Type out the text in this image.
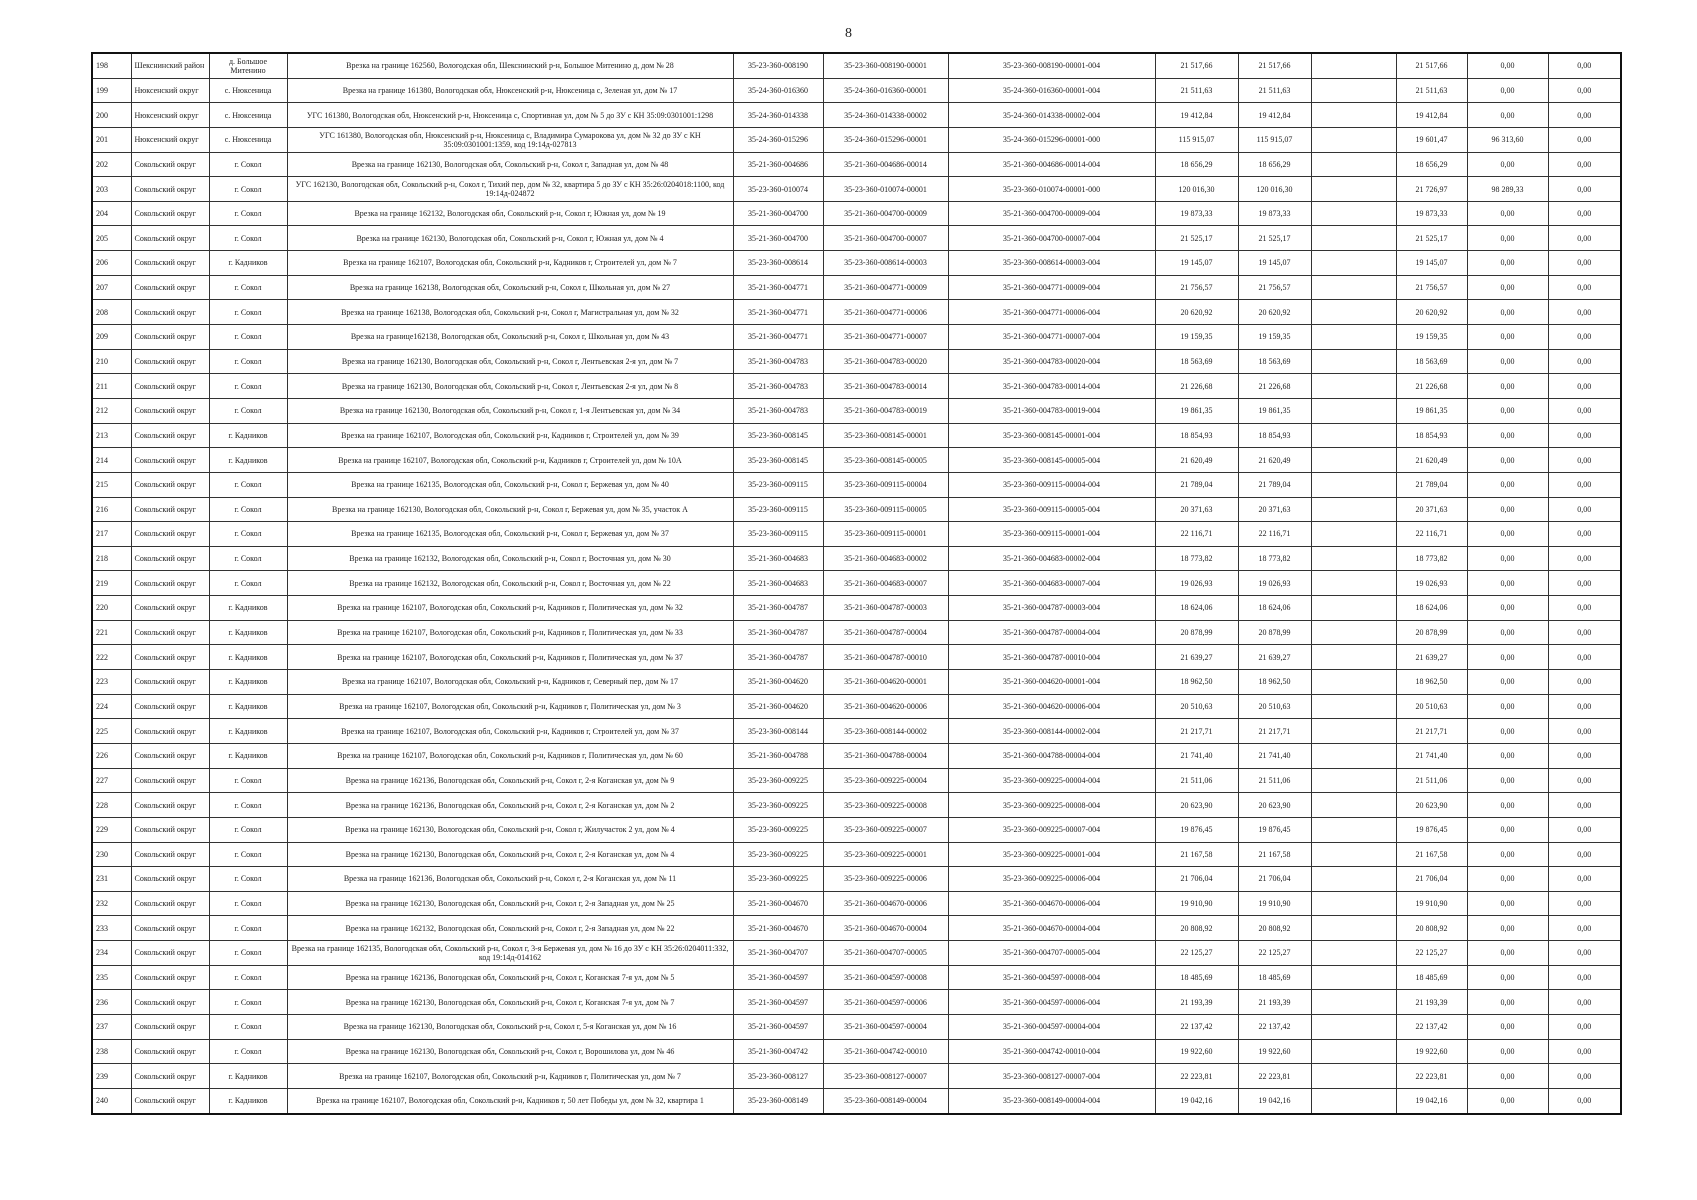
8
198	Шекснинский район	д. Большое Митенино	Врезка на границе 162560, Вологодская обл, Шекснинский р-н, Большое Митенино д, дом № 28	35-23-360-008190	35-23-360-008190-00001	35-23-360-008190-00001-004	21 517,66	21 517,66		21 517,66	0,00	0,00
199	Нюксенский округ	с. Нюксеница	Врезка на границе 161380, Вологодская обл, Нюксенский р-н, Нюксеница с, Зеленая ул, дом № 17	35-24-360-016360	35-24-360-016360-00001	35-24-360-016360-00001-004	21 511,63	21 511,63		21 511,63	0,00	0,00
200	Нюксенский округ	с. Нюксеница	УГС 161380, Вологодская обл, Нюксенский р-н, Нюксеница с, Спортивная ул, дом № 5 до ЗУ с КН 35:09:0301001:1298	35-24-360-014338	35-24-360-014338-00002	35-24-360-014338-00002-004	19 412,84	19 412,84		19 412,84	0,00	0,00
201	Нюксенский округ	с. Нюксеница	УГС 161380, Вологодская обл, Нюксенский р-н, Нюксеница с, Владимира Сумарокова ул, дом № 32 до ЗУ с КН 35:09:0301001:1359, код 19:14д-027813	35-24-360-015296	35-24-360-015296-00001	35-24-360-015296-00001-000	115 915,07	115 915,07		19 601,47	96 313,60	0,00
202	Сокольский округ	г. Сокол	Врезка на границе 162130, Вологодская обл, Сокольский р-н, Сокол г, Западная ул, дом № 48	35-21-360-004686	35-21-360-004686-00014	35-21-360-004686-00014-004	18 656,29	18 656,29		18 656,29	0,00	0,00
203	Сокольский округ	г. Сокол	УГС 162130, Вологодская обл, Сокольский р-н, Сокол г, Тихий пер, дом № 32, квартира 5 до ЗУ с КН 35:26:0204018:1100, код 19:14д-024872	35-23-360-010074	35-23-360-010074-00001	35-23-360-010074-00001-000	120 016,30	120 016,30		21 726,97	98 289,33	0,00
204	Сокольский округ	г. Сокол	Врезка на границе 162132, Вологодская обл, Сокольский р-н, Сокол г, Южная ул, дом № 19	35-21-360-004700	35-21-360-004700-00009	35-21-360-004700-00009-004	19 873,33	19 873,33		19 873,33	0,00	0,00
205	Сокольский округ	г. Сокол	Врезка на границе 162130, Вологодская обл, Сокольский р-н, Сокол г, Южная ул, дом № 4	35-21-360-004700	35-21-360-004700-00007	35-21-360-004700-00007-004	21 525,17	21 525,17		21 525,17	0,00	0,00
206	Сокольский округ	г. Кадников	Врезка на границе 162107, Вологодская обл, Сокольский р-н, Кадников г, Строителей ул, дом № 7	35-23-360-008614	35-23-360-008614-00003	35-23-360-008614-00003-004	19 145,07	19 145,07		19 145,07	0,00	0,00
207	Сокольский округ	г. Сокол	Врезка на границе 162138, Вологодская обл, Сокольский р-н, Сокол г, Школьная ул, дом № 27	35-21-360-004771	35-21-360-004771-00009	35-21-360-004771-00009-004	21 756,57	21 756,57		21 756,57	0,00	0,00
208	Сокольский округ	г. Сокол	Врезка на границе 162138, Вологодская обл, Сокольский р-н, Сокол г, Магистральная ул, дом № 32	35-21-360-004771	35-21-360-004771-00006	35-21-360-004771-00006-004	20 620,92	20 620,92		20 620,92	0,00	0,00
209	Сокольский округ	г. Сокол	Врезка на границе162138, Вологодская обл, Сокольский р-н, Сокол г, Школьная ул, дом № 43	35-21-360-004771	35-21-360-004771-00007	35-21-360-004771-00007-004	19 159,35	19 159,35		19 159,35	0,00	0,00
210	Сокольский округ	г. Сокол	Врезка на границе 162130, Вологодская обл, Сокольский р-н, Сокол г, Лентьевская 2-я ул, дом № 7	35-21-360-004783	35-21-360-004783-00020	35-21-360-004783-00020-004	18 563,69	18 563,69		18 563,69	0,00	0,00
211	Сокольский округ	г. Сокол	Врезка на границе 162130, Вологодская обл, Сокольский р-н, Сокол г, Лентьевская 2-я ул, дом № 8	35-21-360-004783	35-21-360-004783-00014	35-21-360-004783-00014-004	21 226,68	21 226,68		21 226,68	0,00	0,00
212	Сокольский округ	г. Сокол	Врезка на границе 162130, Вологодская обл, Сокольский р-н, Сокол г, 1-я Лентьевская ул, дом № 34	35-21-360-004783	35-21-360-004783-00019	35-21-360-004783-00019-004	19 861,35	19 861,35		19 861,35	0,00	0,00
213	Сокольский округ	г. Кадников	Врезка на границе 162107, Вологодская обл, Сокольский р-н, Кадников г, Строителей ул, дом № 39	35-23-360-008145	35-23-360-008145-00001	35-23-360-008145-00001-004	18 854,93	18 854,93		18 854,93	0,00	0,00
214	Сокольский округ	г. Кадников	Врезка на границе 162107, Вологодская обл, Сокольский р-н, Кадников г, Строителей ул, дом № 10А	35-23-360-008145	35-23-360-008145-00005	35-23-360-008145-00005-004	21 620,49	21 620,49		21 620,49	0,00	0,00
215	Сокольский округ	г. Сокол	Врезка на границе 162135, Вологодская обл, Сокольский р-н, Сокол г, Бержевая ул, дом № 40	35-23-360-009115	35-23-360-009115-00004	35-23-360-009115-00004-004	21 789,04	21 789,04		21 789,04	0,00	0,00
216	Сокольский округ	г. Сокол	Врезка на границе 162130, Вологодская обл, Сокольский р-н, Сокол г, Бержевая ул, дом № 35, участок А	35-23-360-009115	35-23-360-009115-00005	35-23-360-009115-00005-004	20 371,63	20 371,63		20 371,63	0,00	0,00
217	Сокольский округ	г. Сокол	Врезка на границе 162135, Вологодская обл, Сокольский р-н, Сокол г, Бержевая ул, дом № 37	35-23-360-009115	35-23-360-009115-00001	35-23-360-009115-00001-004	22 116,71	22 116,71		22 116,71	0,00	0,00
218	Сокольский округ	г. Сокол	Врезка на границе 162132, Вологодская обл, Сокольский р-н, Сокол г, Восточная ул, дом № 30	35-21-360-004683	35-21-360-004683-00002	35-21-360-004683-00002-004	18 773,82	18 773,82		18 773,82	0,00	0,00
219	Сокольский округ	г. Сокол	Врезка на границе 162132, Вологодская обл, Сокольский р-н, Сокол г, Восточная ул, дом № 22	35-21-360-004683	35-21-360-004683-00007	35-21-360-004683-00007-004	19 026,93	19 026,93		19 026,93	0,00	0,00
220	Сокольский округ	г. Кадников	Врезка на границе 162107, Вологодская обл, Сокольский р-н, Кадников г, Политическая ул, дом № 32	35-21-360-004787	35-21-360-004787-00003	35-21-360-004787-00003-004	18 624,06	18 624,06		18 624,06	0,00	0,00
221	Сокольский округ	г. Кадников	Врезка на границе 162107, Вологодская обл, Сокольский р-н, Кадников г, Политическая ул, дом № 33	35-21-360-004787	35-21-360-004787-00004	35-21-360-004787-00004-004	20 878,99	20 878,99		20 878,99	0,00	0,00
222	Сокольский округ	г. Кадников	Врезка на границе 162107, Вологодская обл, Сокольский р-н, Кадников г, Политическая ул, дом № 37	35-21-360-004787	35-21-360-004787-00010	35-21-360-004787-00010-004	21 639,27	21 639,27		21 639,27	0,00	0,00
223	Сокольский округ	г. Кадников	Врезка на границе 162107, Вологодская обл, Сокольский р-н, Кадников г, Северный пер, дом № 17	35-21-360-004620	35-21-360-004620-00001	35-21-360-004620-00001-004	18 962,50	18 962,50		18 962,50	0,00	0,00
224	Сокольский округ	г. Кадников	Врезка на границе 162107, Вологодская обл, Сокольский р-н, Кадников г, Политическая ул, дом № 3	35-21-360-004620	35-21-360-004620-00006	35-21-360-004620-00006-004	20 510,63	20 510,63		20 510,63	0,00	0,00
225	Сокольский округ	г. Кадников	Врезка на границе 162107, Вологодская обл, Сокольский р-н, Кадников г, Строителей ул, дом № 37	35-23-360-008144	35-23-360-008144-00002	35-23-360-008144-00002-004	21 217,71	21 217,71		21 217,71	0,00	0,00
226	Сокольский округ	г. Кадников	Врезка на границе 162107, Вологодская обл, Сокольский р-н, Кадников г, Политическая ул, дом № 60	35-21-360-004788	35-21-360-004788-00004	35-21-360-004788-00004-004	21 741,40	21 741,40		21 741,40	0,00	0,00
227	Сокольский округ	г. Сокол	Врезка на границе 162136, Вологодская обл, Сокольский р-н, Сокол г, 2-я Коганская ул, дом № 9	35-23-360-009225	35-23-360-009225-00004	35-23-360-009225-00004-004	21 511,06	21 511,06		21 511,06	0,00	0,00
228	Сокольский округ	г. Сокол	Врезка на границе 162136, Вологодская обл, Сокольский р-н, Сокол г, 2-я Коганская ул, дом № 2	35-23-360-009225	35-23-360-009225-00008	35-23-360-009225-00008-004	20 623,90	20 623,90		20 623,90	0,00	0,00
229	Сокольский округ	г. Сокол	Врезка на границе 162130, Вологодская обл, Сокольский р-н, Сокол г, Жилучасток 2 ул, дом № 4	35-23-360-009225	35-23-360-009225-00007	35-23-360-009225-00007-004	19 876,45	19 876,45		19 876,45	0,00	0,00
230	Сокольский округ	г. Сокол	Врезка на границе 162130, Вологодская обл, Сокольский р-н, Сокол г, 2-я Коганская ул, дом № 4	35-23-360-009225	35-23-360-009225-00001	35-23-360-009225-00001-004	21 167,58	21 167,58		21 167,58	0,00	0,00
231	Сокольский округ	г. Сокол	Врезка на границе 162136, Вологодская обл, Сокольский р-н, Сокол г, 2-я Коганская ул, дом № 11	35-23-360-009225	35-23-360-009225-00006	35-23-360-009225-00006-004	21 706,04	21 706,04		21 706,04	0,00	0,00
232	Сокольский округ	г. Сокол	Врезка на границе 162130, Вологодская обл, Сокольский р-н, Сокол г, 2-я Западная ул, дом № 25	35-21-360-004670	35-21-360-004670-00006	35-21-360-004670-00006-004	19 910,90	19 910,90		19 910,90	0,00	0,00
233	Сокольский округ	г. Сокол	Врезка на границе 162132, Вологодская обл, Сокольский р-н, Сокол г, 2-я Западная ул, дом № 22	35-21-360-004670	35-21-360-004670-00004	35-21-360-004670-00004-004	20 808,92	20 808,92		20 808,92	0,00	0,00
234	Сокольский округ	г. Сокол	Врезка на границе 162135, Вологодская обл, Сокольский р-н, Сокол г, 3-я Бержевая ул, дом № 16 до ЗУ с КН 35:26:0204011:332, код 19:14д-014162	35-21-360-004707	35-21-360-004707-00005	35-21-360-004707-00005-004	22 125,27	22 125,27		22 125,27	0,00	0,00
235	Сокольский округ	г. Сокол	Врезка на границе 162136, Вологодская обл, Сокольский р-н, Сокол г, Коганская 7-я ул, дом № 5	35-21-360-004597	35-21-360-004597-00008	35-21-360-004597-00008-004	18 485,69	18 485,69		18 485,69	0,00	0,00
236	Сокольский округ	г. Сокол	Врезка на границе 162130, Вологодская обл, Сокольский р-н, Сокол г, Коганская 7-я ул, дом № 7	35-21-360-004597	35-21-360-004597-00006	35-21-360-004597-00006-004	21 193,39	21 193,39		21 193,39	0,00	0,00
237	Сокольский округ	г. Сокол	Врезка на границе 162130, Вологодская обл, Сокольский р-н, Сокол г, 5-я Коганская ул, дом № 16	35-21-360-004597	35-21-360-004597-00004	35-21-360-004597-00004-004	22 137,42	22 137,42		22 137,42	0,00	0,00
238	Сокольский округ	г. Сокол	Врезка на границе 162130, Вологодская обл, Сокольский р-н, Сокол г, Ворошилова ул, дом № 46	35-21-360-004742	35-21-360-004742-00010	35-21-360-004742-00010-004	19 922,60	19 922,60		19 922,60	0,00	0,00
239	Сокольский округ	г. Кадников	Врезка на границе 162107, Вологодская обл, Сокольский р-н, Кадников г, Политическая ул, дом № 7	35-23-360-008127	35-23-360-008127-00007	35-23-360-008127-00007-004	22 223,81	22 223,81		22 223,81	0,00	0,00
240	Сокольский округ	г. Кадников	Врезка на границе 162107, Вологодская обл, Сокольский р-н, Кадников г, 50 лет Победы ул, дом № 32, квартира 1	35-23-360-008149	35-23-360-008149-00004	35-23-360-008149-00004-004	19 042,16	19 042,16		19 042,16	0,00	0,00
